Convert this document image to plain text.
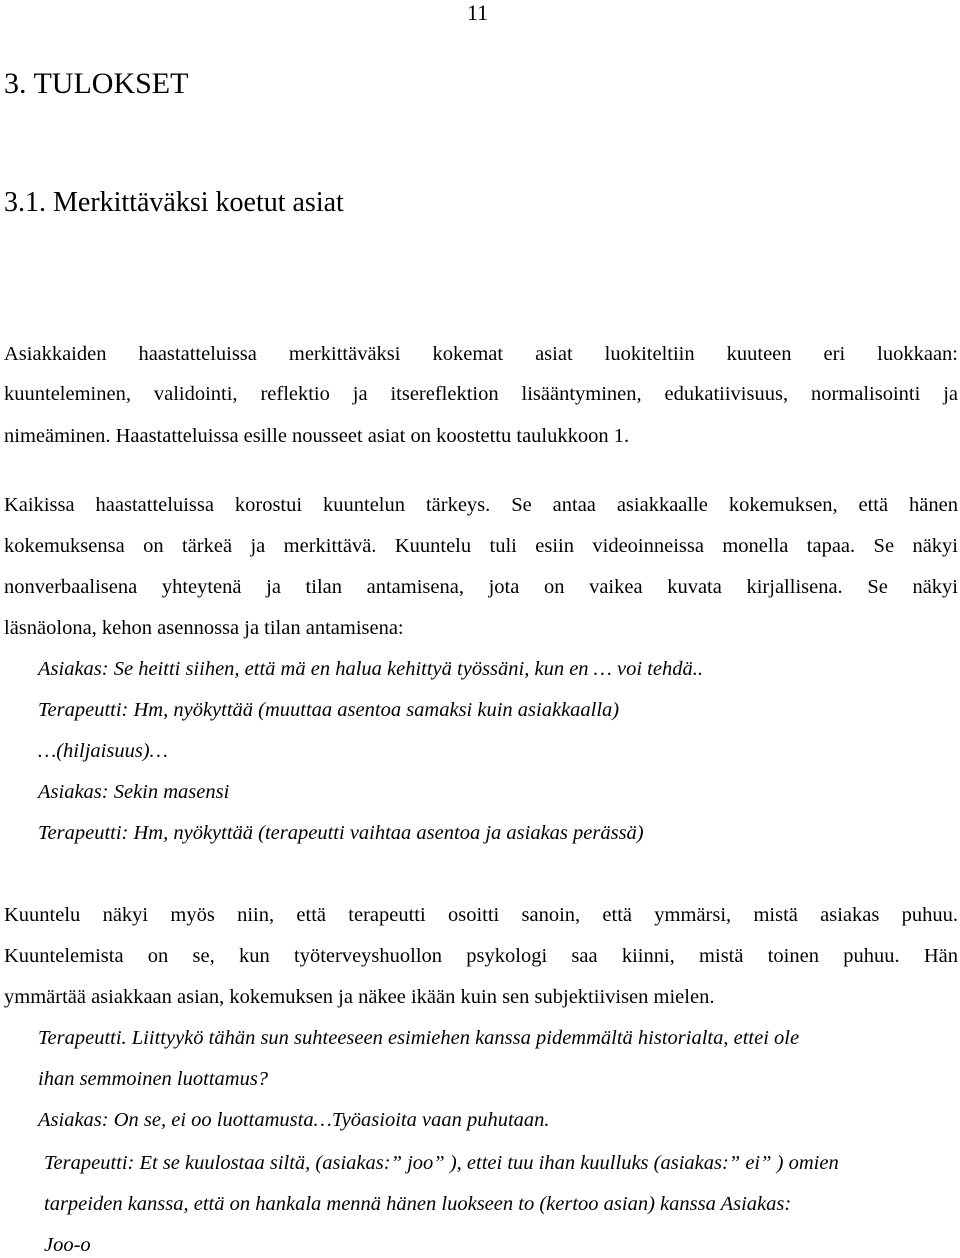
11
3. TULOKSET
3.1. Merkittäväksi koetut asiat

Asiakkaiden haastatteluissa merkittäväksi kokemat asiat luokiteltiin kuuteen eri luokkaan:

kuunteleminen, validointi, reflektio ja itsereflektion lisääntyminen, edukatiivisuus, normalisointi ja

nimeäminen. Haastatteluissa esille nousseet asiat on koostettu taulukkoon 1.

Kaikissa haastatteluissa korostui kuuntelun tärkeys. Se antaa asiakkaalle kokemuksen, että hänen

kokemuksensa on tärkeä ja merkittävä. Kuuntelu tuli esiin videoinneissa monella tapaa. Se näkyi

nonverbaalisena yhteytenä ja tilan antamisena, jota on vaikea kuvata kirjallisena. Se näkyi

läsnäolona, kehon asennossa ja tilan antamisena:

Asiakas: Se heitti siihen, että mä en halua kehittyä työssäni, kun en … voi tehdä..

Terapeutti: Hm, nyökyttää (muuttaa asentoa samaksi kuin asiakkaalla)

…(hiljaisuus)…

Asiakas: Sekin masensi

Terapeutti: Hm, nyökyttää (terapeutti vaihtaa asentoa ja asiakas perässä)

Kuuntelu näkyi myös niin, että terapeutti osoitti sanoin, että ymmärsi, mistä asiakas puhuu.

Kuuntelemista on se, kun työterveyshuollon psykologi saa kiinni, mistä toinen puhuu. Hän

ymmärtää asiakkaan asian, kokemuksen ja näkee ikään kuin sen subjektiivisen mielen.

Terapeutti. Liittyykö tähän sun suhteeseen esimiehen kanssa pidemmältä historialta, ettei ole

ihan semmoinen luottamus?

Asiakas: On se, ei oo luottamusta…Työasioita vaan puhutaan.

Terapeutti: Et se kuulostaa siltä, (asiakas:” joo” ), ettei tuu ihan kuulluks (asiakas:” ei” ) omien

tarpeiden kanssa, että on hankala mennä hänen luokseen to (kertoo asian) kanssa Asiakas:

Joo-o
